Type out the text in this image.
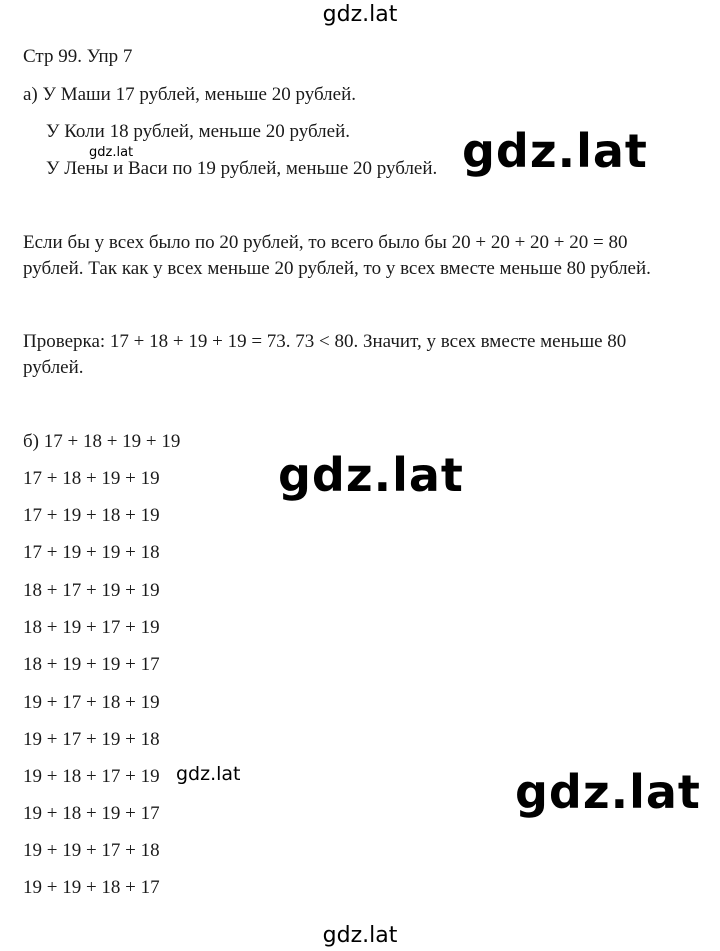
gdz.lat
Стр 99. Упр 7
а) У Маши 17 рублей, меньше 20 рублей.
У Коли 18 рублей, меньше 20 рублей.
У Лены и Васи по 19 рублей, меньше 20 рублей.
gdz.lat	gdz.lat
Если бы у всех было по 20 рублей, то всего было бы 20 + 20 + 20 + 20 = 80
рублей. Так как у всех меньше 20 рублей, то у всех вместе меньше 80 рублей.
Проверка: 17 + 18 + 19 + 19 = 73. 73 < 80. Значит, у всех вместе меньше 80
рублей.
б) 17 + 18 + 19 + 19
gdz.lat
17 + 18 + 19 + 19
17 + 19 + 18 + 19
17 + 19 + 19 + 18
18 + 17 + 19 + 19
18 + 19 + 17 + 19
18 + 19 + 19 + 17
19 + 17 + 18 + 19
19 + 17 + 19 + 18
19 + 18 + 17 + 19
19 + 18 + 19 + 17
19 + 19 + 17 + 18
19 + 19 + 18 + 17
gdz.lat	gdz.lat
gdz.lat
